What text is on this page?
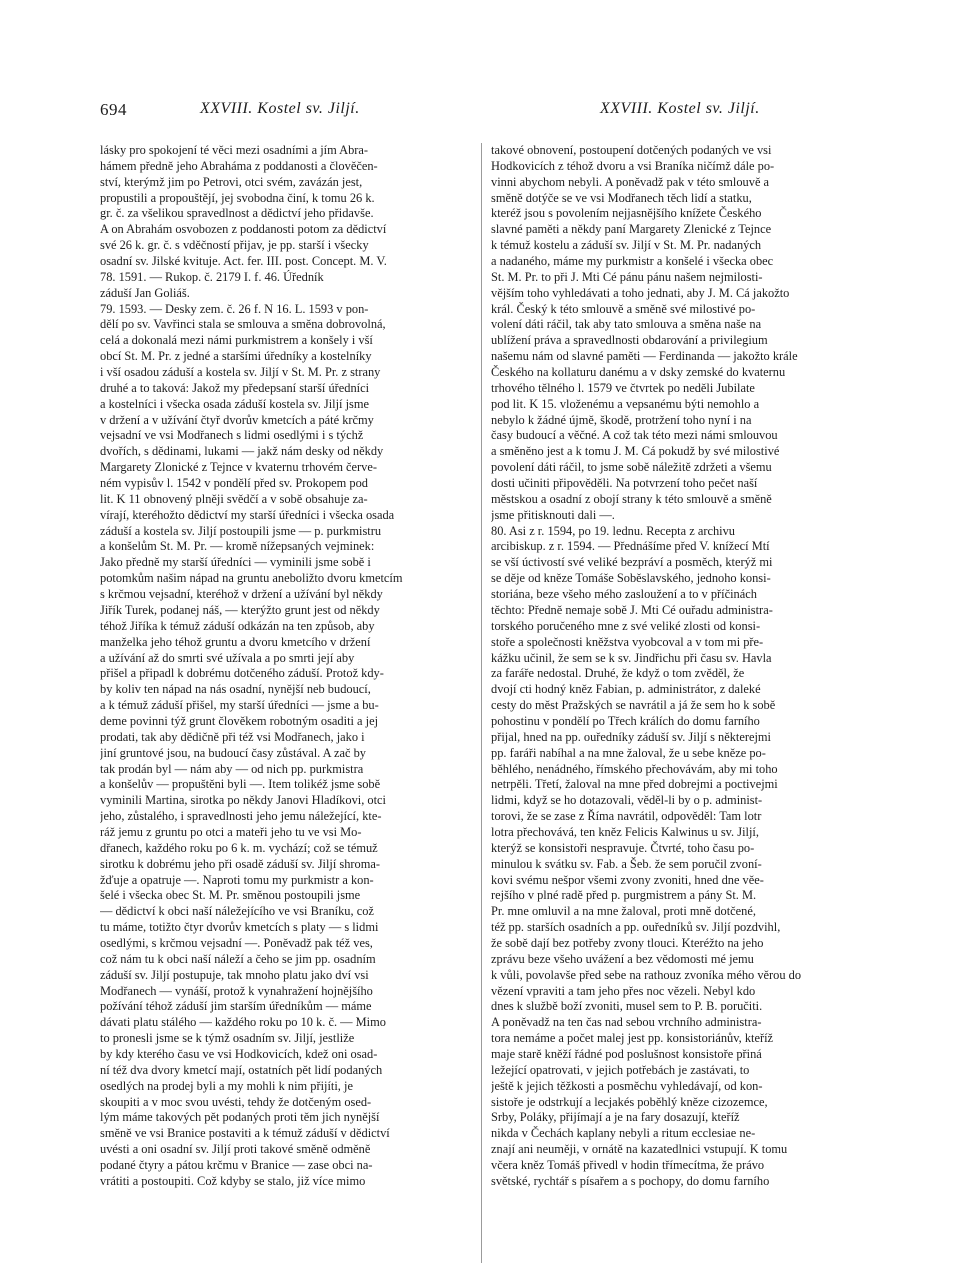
694	XXVIII. Kostel sv. Jiljí.	XXVIII. Kostel sv. Jiljí.
lásky pro spokojení té věci mezi osadními a jím Abra-
hámem předně jeho Abraháma z poddanosti a člověčen-
ství, kterýmž jim po Petrovi, otci svém, zavázán jest,
propustili a propouštějí, jej svobodna činí, k tomu 26 k.
gr. č. za všelikou spravedlnost a dědictví jeho přidavše.
A on Abrahám osvobozen z poddanosti potom za dědictví
své 26 k. gr. č. s vděčností přijav, je pp. starší i všecky
osadní sv. Jilské kvituje. Act. fer. III. post. Concept. M. V.
78. 1591. — Rukop. č. 2179 I. f. 46. Úředník
záduší Jan Goliáš.
79. 1593. — Desky zem. č. 26 f. N 16. L. 1593 v pon-
dělí po sv. Vavřinci stala se smlouva a směna dobrovolná,
celá a dokonalá mezi námi purkmistrem a konšely i vší
obcí St. M. Pr. z jedné a staršími úředníky a kostelníky
i vší osadou záduší a kostela sv. Jiljí v St. M. Pr. z strany
druhé a to taková: Jakož my předepsaní starší úředníci
a kostelníci i všecka osada záduší kostela sv. Jiljí jsme
v držení a v užívání čtyř dvorův kmetcích a páté krčmy
vejsadní ve vsi Modřanech s lidmi osedlými i s týchž
dvořích, s dědinami, lukami — jakž nám desky od někdy
Margarety Zlonické z Tejnce v kvaternu trhovém červe-
ném vypisův l. 1542 v pondělí před sv. Prokopem pod
lit. K 11 obnovený plněji svědčí a v sobě obsahuje za-
vírají, kteréhožto dědictví my starší úředníci i všecka osada
záduší a kostela sv. Jiljí postoupili jsme — p. purkmistru
a konšelům St. M. Pr. — kromě nížepsaných vejminek:
Jako předně my starší úředníci — vyminili jsme sobě i
potomkům našim nápad na gruntu aneboližto dvoru kmetcím
s krčmou vejsadní, kteréhož v držení a užívání byl někdy
Jiřík Turek, podanej náš, — kterýžto grunt jest od někdy
téhož Jiříka k témuž záduší odkázán na ten způsob, aby
manželka jeho téhož gruntu a dvoru kmetcího v držení
a užívání až do smrti své užívala a po smrti její aby
přišel a připadl k dobrému dotčeného záduší. Protož kdy-
by koliv ten nápad na nás osadní, nynější neb budoucí,
a k témuž záduší přišel, my starší úředníci — jsme a bu-
deme povinni týž grunt člověkem robotným osaditi a jej
prodati, tak aby dědičně při též vsi Modřanech, jako i
jiní gruntové jsou, na budoucí časy zůstával. A zač by
tak prodán byl — nám aby — od nich pp. purkmistra
a konšelův — propuštěni byli —. Item tolikéž jsme sobě
vyminili Martina, sirotka po někdy Janovi Hladíkovi, otci
jeho, zůstalého, i spravedlnosti jeho jemu náležející, kte-
ráž jemu z gruntu po otci a mateři jeho tu ve vsi Mo-
dřanech, každého roku po 6 k. m. vychází; což se témuž
sirotku k dobrému jeho při osadě záduší sv. Jiljí shroma-
žďuje a opatruje —. Naproti tomu my purkmistr a kon-
šelé i všecka obec St. M. Pr. směnou postoupili jsme
— dědictví k obci naší náležejícího ve vsi Braníku, což
tu máme, totižto čtyr dvorův kmetcích s platy — s lidmi
osedlými, s krčmou vejsadní —. Poněvadž pak též ves,
což nám tu k obci naší náleží a čeho se jim pp. osadním
záduší sv. Jiljí postupuje, tak mnoho platu jako dví vsi
Modřanech — vynáší, protož k vynahražení hojnějšího
požívání téhož záduší jim starším úředníkům — máme
dávati platu stálého — každého roku po 10 k. č. — Mimo
to pronesli jsme se k týmž osadním sv. Jiljí, jestliže
by kdy kterého času ve vsi Hodkovicích, kdež oni osad-
ní též dva dvory kmetcí mají, ostatních pět lidí podaných
osedlých na prodej byli a my mohli k nim přijíti, je
skoupiti a v moc svou uvésti, tehdy že dotčeným osed-
lým máme takových pět podaných proti těm jich nynější
směně ve vsi Branice postaviti a k témuž záduší v dědictví
uvésti a oni osadní sv. Jiljí proti takové směně odměně
podané čtyry a pátou krčmu v Branice — zase obci na-
vrátiti a postoupiti. Což kdyby se stalo, již více mimo
takové obnovení, postoupení dotčených podaných ve vsi
Hodkovicích z téhož dvoru a vsi Braníka ničímž dále po-
vinni abychom nebyli. A poněvadž pak v této smlouvě a
směně dotýče se ve vsi Modřanech těch lidí a statku,
kteréž jsou s povolením nejjasnějšího knížete Českého
slavné paměti a někdy paní Margarety Zlenické z Tejnce
k témuž kostelu a záduší sv. Jiljí v St. M. Pr. nadaných
a nadaného, máme my purkmistr a konšelé i všecka obec
St. M. Pr. to při J. Mti Cé pánu pánu našem nejmilosti-
vějším toho vyhledávati a toho jednati, aby J. M. Cá jakožto
král. Český k této smlouvě a směně své milostivé po-
volení dáti ráčil, tak aby tato smlouva a směna naše na
ublížení práva a spravedlnosti obdarování a privilegium
našemu nám od slavné paměti — Ferdinanda — jakožto krále
Českého na kollaturu danému a v dsky zemské do kvaternu
trhového tělného l. 1579 ve čtvrtek po neděli Jubilate
pod lit. K 15. vloženému a vepsanému býti nemohlo a
nebylo k žádné újmě, škodě, protržení toho nyní i na
časy budoucí a věčné. A což tak této mezi námi smlouvou
a směněno jest a k tomu J. M. Cá pokudž by své milostivé
povolení dáti ráčil, to jsme sobě náležitě zdržeti a všemu
dosti učiniti připověděli. Na potvrzení toho pečet naší
městskou a osadní z obojí strany k této smlouvě a směně
jsme přitisknouti dali —.
80. Asi z r. 1594, po 19. lednu. Recepta z archivu
arcibiskup. z r. 1594. — Přednášíme před V. knížecí Mtí
se vší úctivostí své veliké bezpráví a posměch, kterýž mi
se děje od kněze Tomáše Soběslavského, jednoho konsi-
storiána, beze všeho mého zasloužení a to v příčinách
těchto: Předně nemaje sobě J. Mti Cé ouřadu administra-
torského poručeného mne z své veliké zlosti od konsi-
stoře a společnosti kněžstva vyobcoval a v tom mi pře-
kážku učinil, že sem se k sv. Jindřichu při času sv. Havla
za faráře nedostal. Druhé, že když o tom zvěděl, že
dvojí cti hodný kněz Fabian, p. administrátor, z daleké
cesty do měst Pražských se navrátil a já že sem ho k sobě
pohostinu v pondělí po Třech králích do domu farního
přijal, hned na pp. ouředníky záduší sv. Jiljí s některejmi
pp. faráři nabíhal a na mne žaloval, že u sebe kněze po-
běhlého, nenádného, římského přechovávám, aby mi toho
netrpěli. Třetí, žaloval na mne před dobrejmi a poctivejmi
lidmi, když se ho dotazovali, věděl-li by o p. administ-
torovi, že se zase z Říma navrátil, odpověděl: Tam lotr
lotra přechovává, ten kněz Felicis Kalwinus u sv. Jiljí,
kterýž se konsistoři nespravuje. Čtvrté, toho času po-
minulou k svátku sv. Fab. a Šeb. že sem poručil zvoní-
kovi svému nešpor všemi zvony zvoniti, hned dne věe-
rejšího v plné radě před p. purgmistrem a pány St. M.
Pr. mne omluvil a na mne žaloval, proti mně dotčené,
též pp. starších osadních a pp. ouředníků sv. Jiljí pozdvihl,
že sobě dají bez potřeby zvony tlouci. Kteréžto na jeho
zprávu beze všeho uvážení a bez vědomosti mé jemu
k vůli, povolavše před sebe na rathouz zvoníka mého věrou do
vězení vpraviti a tam jeho přes noc vězeli. Nebyl kdo
dnes k službě boží zvoniti, musel sem to P. B. poručiti.
A poněvadž na ten čas nad sebou vrchního administra-
tora nemáme a počet malej jest pp. konsistoriánův, kteříž
maje starě kněží řádné pod poslušnost konsistoře přiná
ležející opatrovati, v jejich potřebách je zastávati, to
ještě k jejich těžkosti a posměchu vyhledávají, od kon-
sistoře je odstrkují a lecjakés poběhlý kněze cizozemce,
Srby, Poláky, přijímají a je na fary dosazují, kteříž
nikda v Čechách kaplany nebyli a ritum ecclesiae ne-
znají ani neuměji, v ornátě na kazatedlnici vstupují. K tomu
včera kněz Tomáš přivedl v hodin třímecítma, že právo
světské, rychtář s písařem a s pochopy, do domu farního
